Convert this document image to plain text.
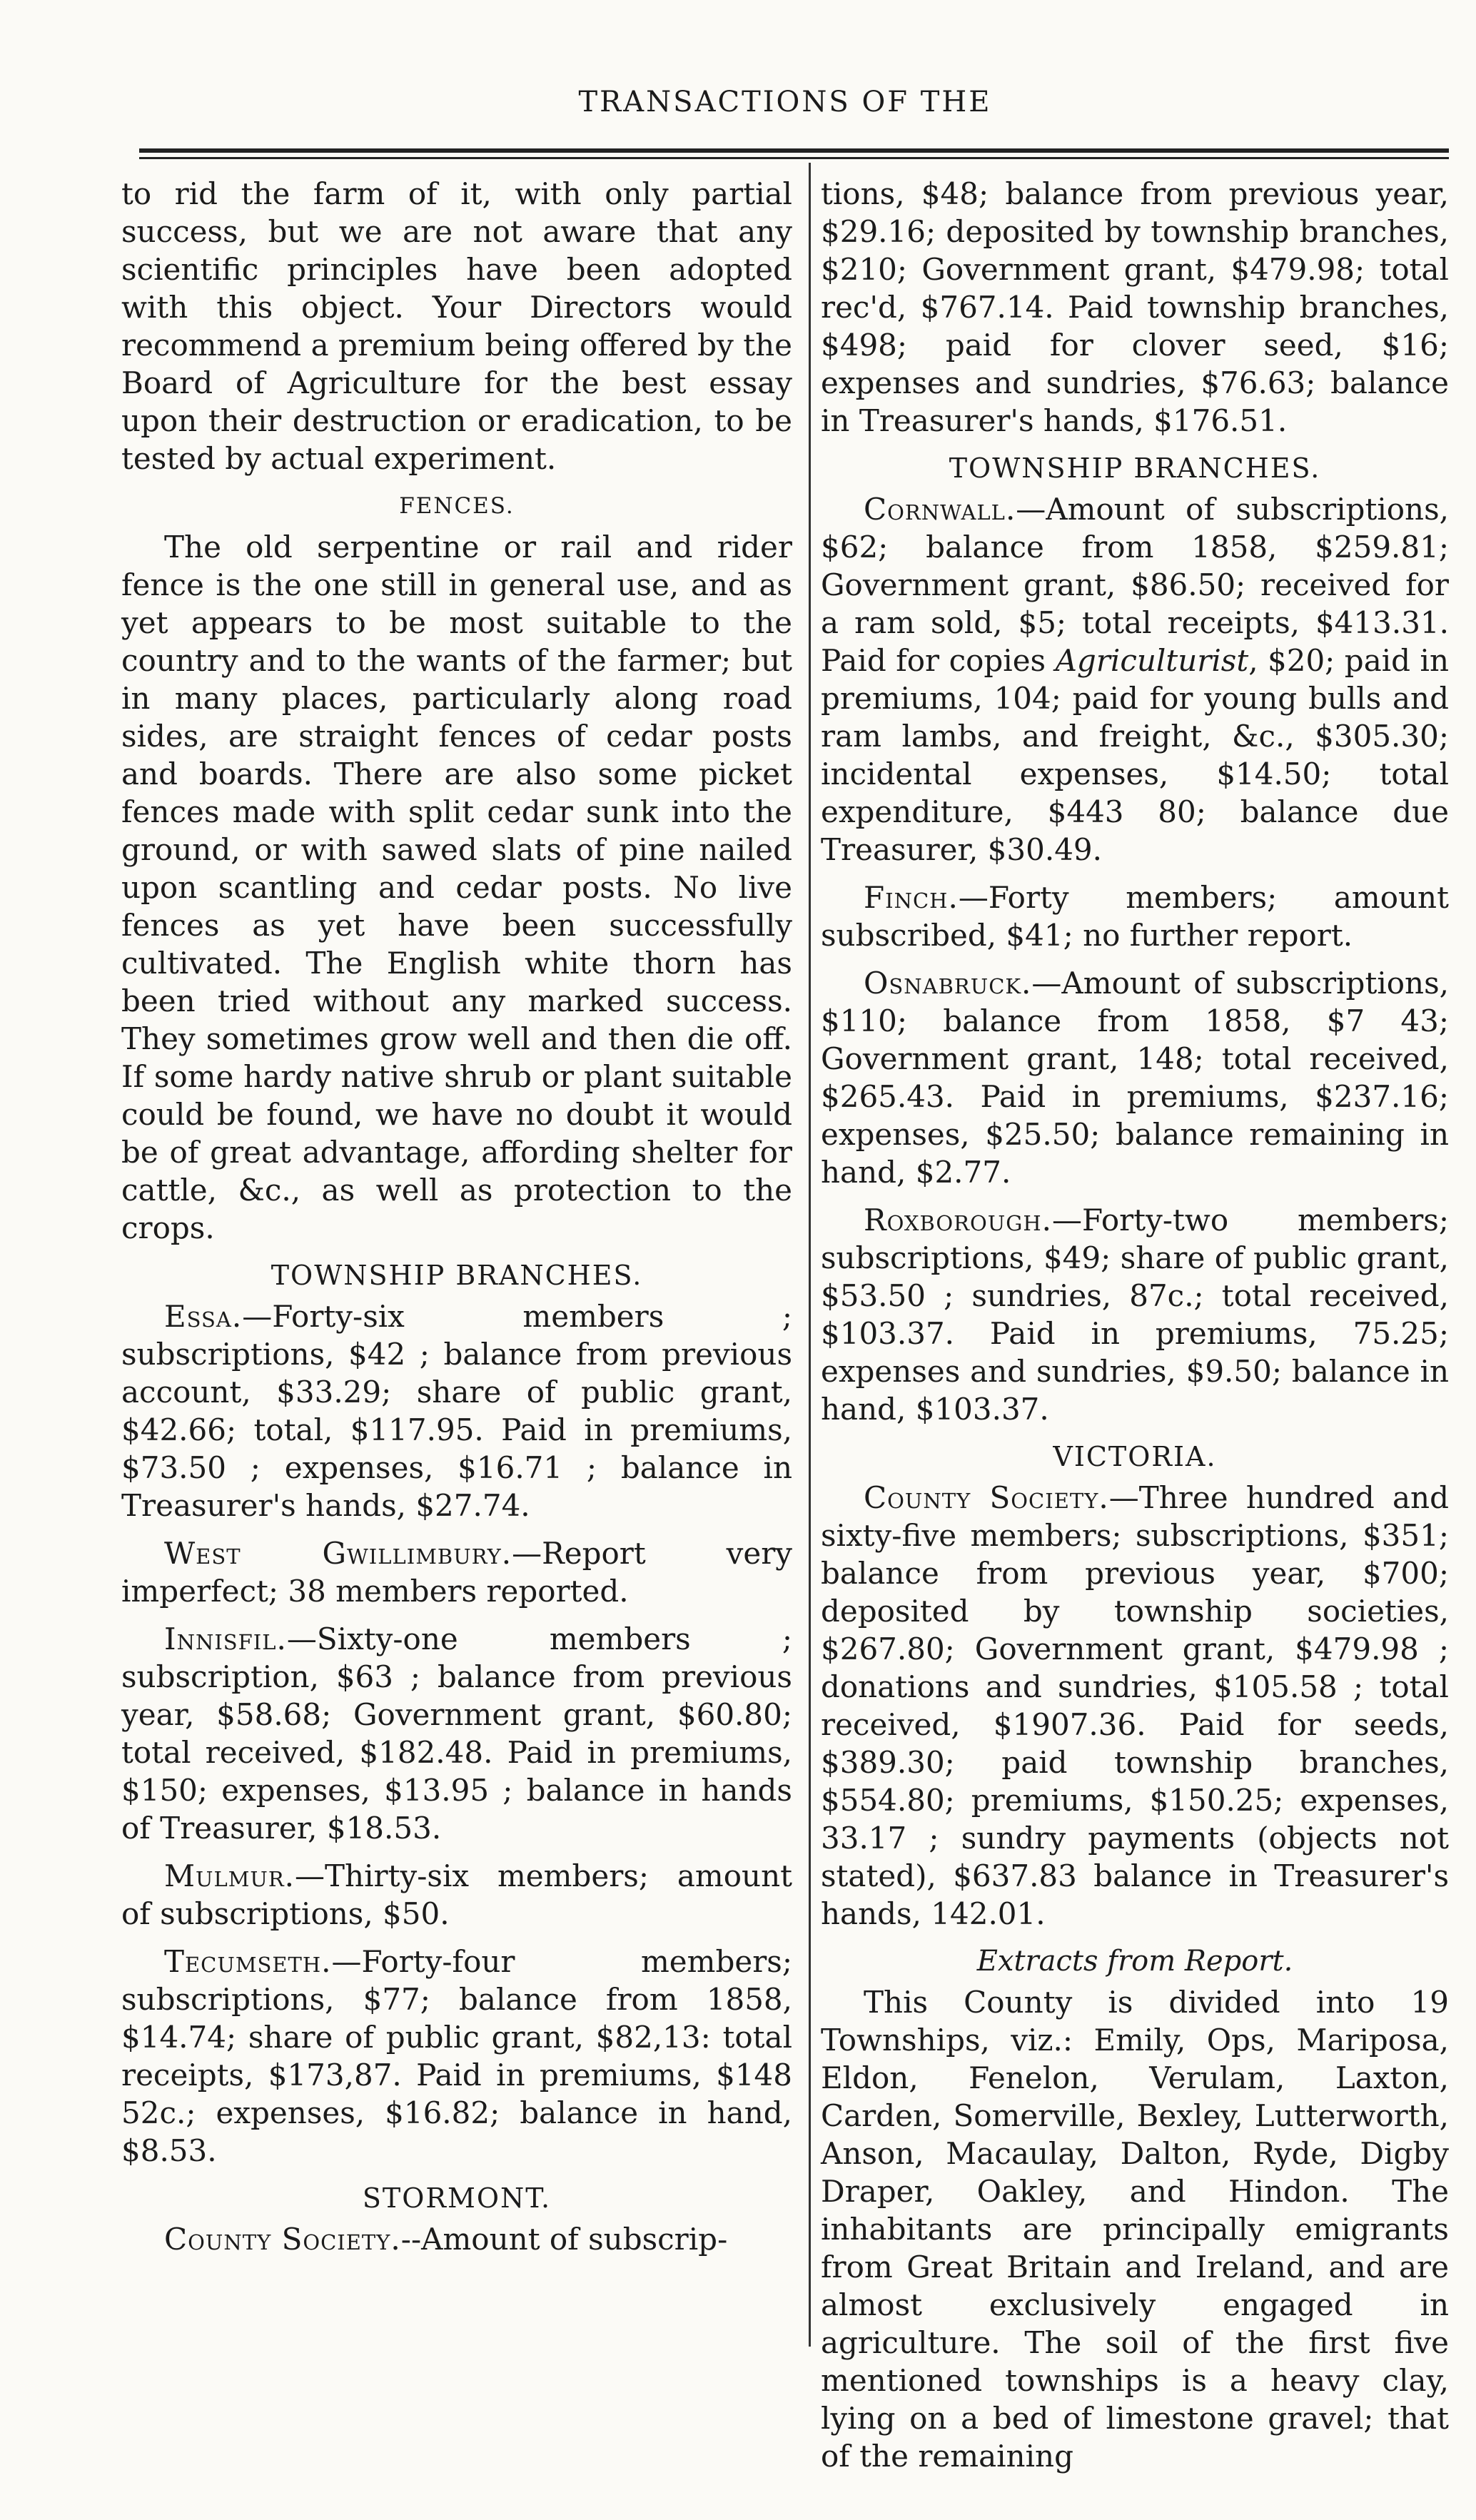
TRANSACTIONS OF THE

to rid the farm of it, with only partial success, but we are not aware that any scientific principles have been adopted with this object. Your Directors would recommend a premium being offered by the Board of Agriculture for the best essay upon their destruction or eradication, to be tested by actual experiment.

FENCES.

The old serpentine or rail and rider fence is the one still in general use, and as yet appears to be most suitable to the country and to the wants of the farmer; but in many places, particularly along road sides, are straight fences of cedar posts and boards. There are also some picket fences made with split cedar sunk into the ground, or with sawed slats of pine nailed upon scantling and cedar posts. No live fences as yet have been successfully cultivated. The English white thorn has been tried without any marked success. They sometimes grow well and then die off. If some hardy native shrub or plant suitable could be found, we have no doubt it would be of great advantage, affording shelter for cattle, &c., as well as protection to the crops.

TOWNSHIP BRANCHES.

Essa.—Forty-six members ; subscriptions, $42 ; balance from previous account, $33.29; share of public grant, $42.66; total, $117.95. Paid in premiums, $73.50 ; expenses, $16.71 ; balance in Treasurer's hands, $27.74.

West Gwillimbury.—Report very imperfect; 38 members reported.

Innisfil.—Sixty-one members ; subscription, $63 ; balance from previous year, $58.68; Government grant, $60.80; total received, $182.48. Paid in premiums, $150; expenses, $13.95 ; balance in hands of Treasurer, $18.53.

Mulmur.—Thirty-six members; amount of subscriptions, $50.

Tecumseth.—Forty-four members; subscriptions, $77; balance from 1858, $14.74; share of public grant, $82,13: total receipts, $173,87. Paid in premiums, $148 52c.; expenses, $16.82; balance in hand, $8.53.

STORMONT.

County Society.--Amount of subscrip-

tions, $48; balance from previous year, $29.16; deposited by township branches, $210; Government grant, $479.98; total rec'd, $767.14. Paid township branches, $498; paid for clover seed, $16; expenses and sundries, $76.63; balance in Treasurer's hands, $176.51.

TOWNSHIP BRANCHES.

Cornwall.—Amount of subscriptions, $62; balance from 1858, $259.81; Government grant, $86.50; received for a ram sold, $5; total receipts, $413.31. Paid for copies Agriculturist, $20; paid in premiums, 104; paid for young bulls and ram lambs, and freight, &c., $305.30; incidental expenses, $14.50; total expenditure, $443 80; balance due Treasurer, $30.49.

Finch.—Forty members; amount subscribed, $41; no further report.

Osnabruck.—Amount of subscriptions, $110; balance from 1858, $7 43; Government grant, 148; total received, $265.43. Paid in premiums, $237.16; expenses, $25.50; balance remaining in hand, $2.77.

Roxborough.—Forty-two members; subscriptions, $49; share of public grant, $53.50 ; sundries, 87c.; total received, $103.37. Paid in premiums, 75.25; expenses and sundries, $9.50; balance in hand, $103.37.

VICTORIA.

County Society.—Three hundred and sixty-five members; subscriptions, $351; balance from previous year, $700; deposited by township societies, $267.80; Government grant, $479.98 ; donations and sundries, $105.58 ; total received, $1907.36. Paid for seeds, $389.30; paid township branches, $554.80; premiums, $150.25; expenses, 33.17 ; sundry payments (objects not stated), $637.83 balance in Treasurer's hands, 142.01.

Extracts from Report.

This County is divided into 19 Townships, viz.: Emily, Ops, Mariposa, Eldon, Fenelon, Verulam, Laxton, Carden, Somerville, Bexley, Lutterworth, Anson, Macaulay, Dalton, Ryde, Digby Draper, Oakley, and Hindon. The inhabitants are principally emigrants from Great Britain and Ireland, and are almost exclusively engaged in agriculture. The soil of the first five mentioned townships is a heavy clay, lying on a bed of limestone gravel; that of the remaining
